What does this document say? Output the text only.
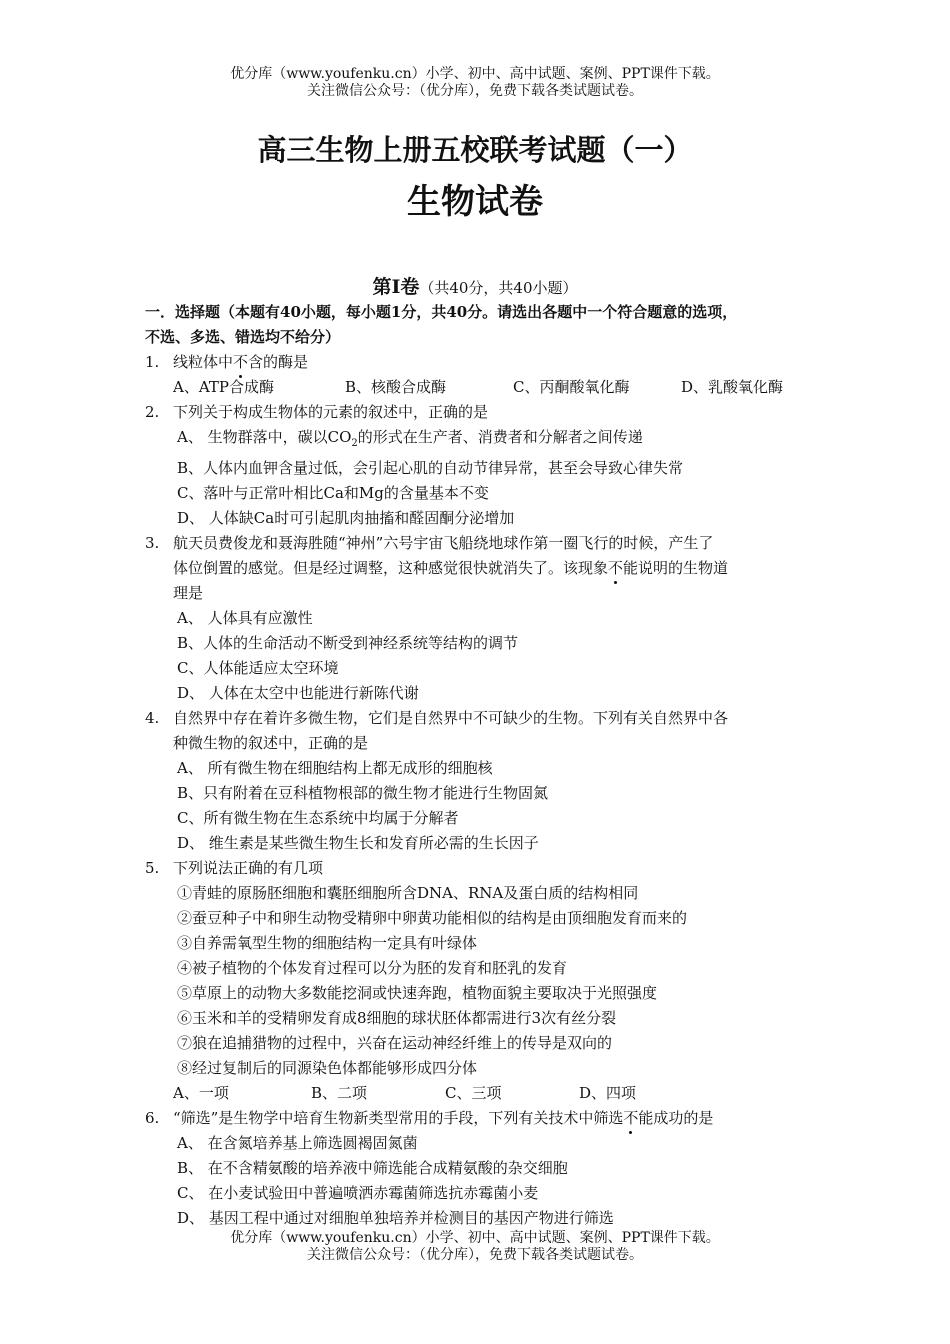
优分库（www.youfenku.cn）小学、初中、高中试题、案例、PPT课件下载。
关注微信公众号：（优分库），免费下载各类试题试卷。
高三生物上册五校联考试题（一）
生物试卷
第Ⅰ卷（共40分，共40小题）
一．选择题（本题有40小题，每小题1分，共40分。请选出各题中一个符合题意的选项，
不选、多选、错选均不给分）
1. 线粒体中不含的酶是
A、ATP合成酶	B、核酸合成酶	C、丙酮酸氧化酶	D、乳酸氧化酶
2. 下列关于构成生物体的元素的叙述中，正确的是
A、 生物群落中，碳以$CO_2$的形式在生产者、消费者和分解者之间传递
B、人体内血钾含量过低，会引起心肌的自动节律异常，甚至会导致心律失常
C、落叶与正常叶相比Ca和Mg的含量基本不变
D、 人体缺Ca时可引起肌肉抽搐和醛固酮分泌增加
3. 航天员费俊龙和聂海胜随“神州”六号宇宙飞船绕地球作第一圈飞行的时候，产生了
体位倒置的感觉。但是经过调整，这种感觉很快就消失了。该现象不能说明的生物道
理是
A、 人体具有应激性
B、人体的生命活动不断受到神经系统等结构的调节
C、人体能适应太空环境
D、 人体在太空中也能进行新陈代谢
4. 自然界中存在着许多微生物，它们是自然界中不可缺少的生物。下列有关自然界中各
种微生物的叙述中，正确的是
A、 所有微生物在细胞结构上都无成形的细胞核
B、只有附着在豆科植物根部的微生物才能进行生物固氮
C、所有微生物在生态系统中均属于分解者
D、 维生素是某些微生物生长和发育所必需的生长因子
5. 下列说法正确的有几项
①青蛙的原肠胚细胞和囊胚细胞所含DNA、RNA及蛋白质的结构相同
②蚕豆种子中和卵生动物受精卵中卵黄功能相似的结构是由顶细胞发育而来的
③自养需氧型生物的细胞结构一定具有叶绿体
④被子植物的个体发育过程可以分为胚的发育和胚乳的发育
⑤草原上的动物大多数能挖洞或快速奔跑，植物面貌主要取决于光照强度
⑥玉米和羊的受精卵发育成8细胞的球状胚体都需进行3次有丝分裂
⑦狼在追捕猎物的过程中，兴奋在运动神经纤维上的传导是双向的
⑧经过复制后的同源染色体都能够形成四分体
A、一项	B、二项	C、三项	D、四项
6. “筛选”是生物学中培育生物新类型常用的手段，下列有关技术中筛选不能成功的是
A、 在含氮培养基上筛选圆褐固氮菌
B、 在不含精氨酸的培养液中筛选能合成精氨酸的杂交细胞
C、 在小麦试验田中普遍喷洒赤霉菌筛选抗赤霉菌小麦
D、 基因工程中通过对细胞单独培养并检测目的基因产物进行筛选
优分库（www.youfenku.cn）小学、初中、高中试题、案例、PPT课件下载。
关注微信公众号：（优分库），免费下载各类试题试卷。
